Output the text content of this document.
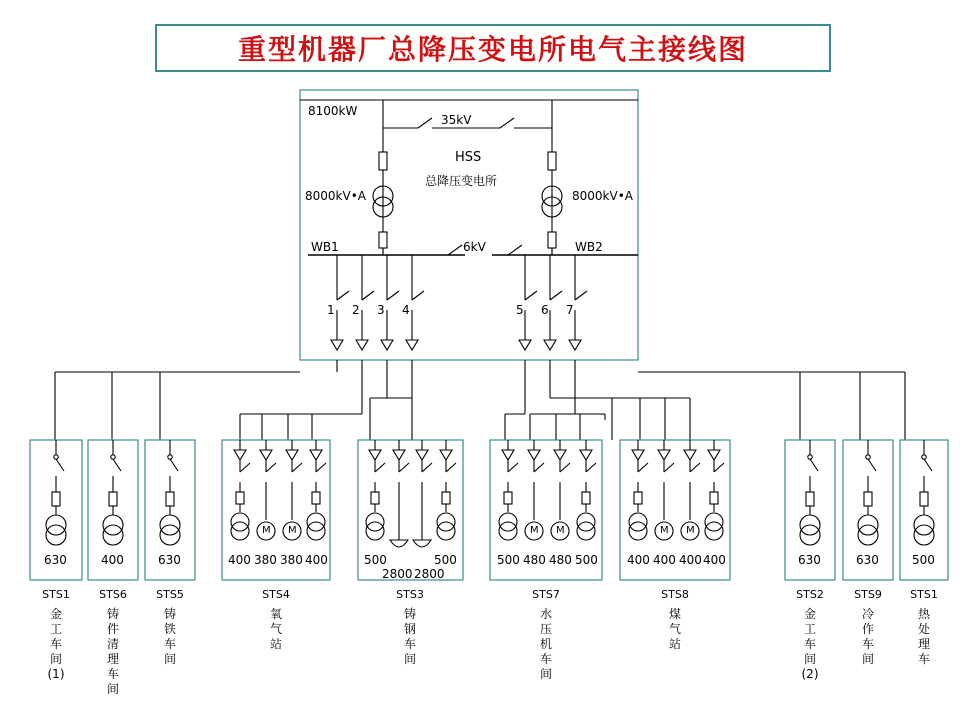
重型机器厂总降压变电所电气主接线图
8100kW
35kV
HSS
总降压变电所
8000kV•A	8000kV•A
WB1	WB2
6kV
1 2 3 4	5 6 7
630	400	630	400 380 380 400	500	500
2800 2800
500 480 480 500 400 400 400 400	630	630	500
M M	M M	M M
STS1	STS6	STS5	STS4	STS3	STS7	STS8	STS2	STS9	STS1
金
工
车
间
(1)
铸
件
清
理
车
间
铸
铁
车
间
氧
气
站
铸
钢
车
间
水
压
机
车
间
煤
气
站
金
工
车
间
(2)
冷
作
车
间
热
处
理
车
